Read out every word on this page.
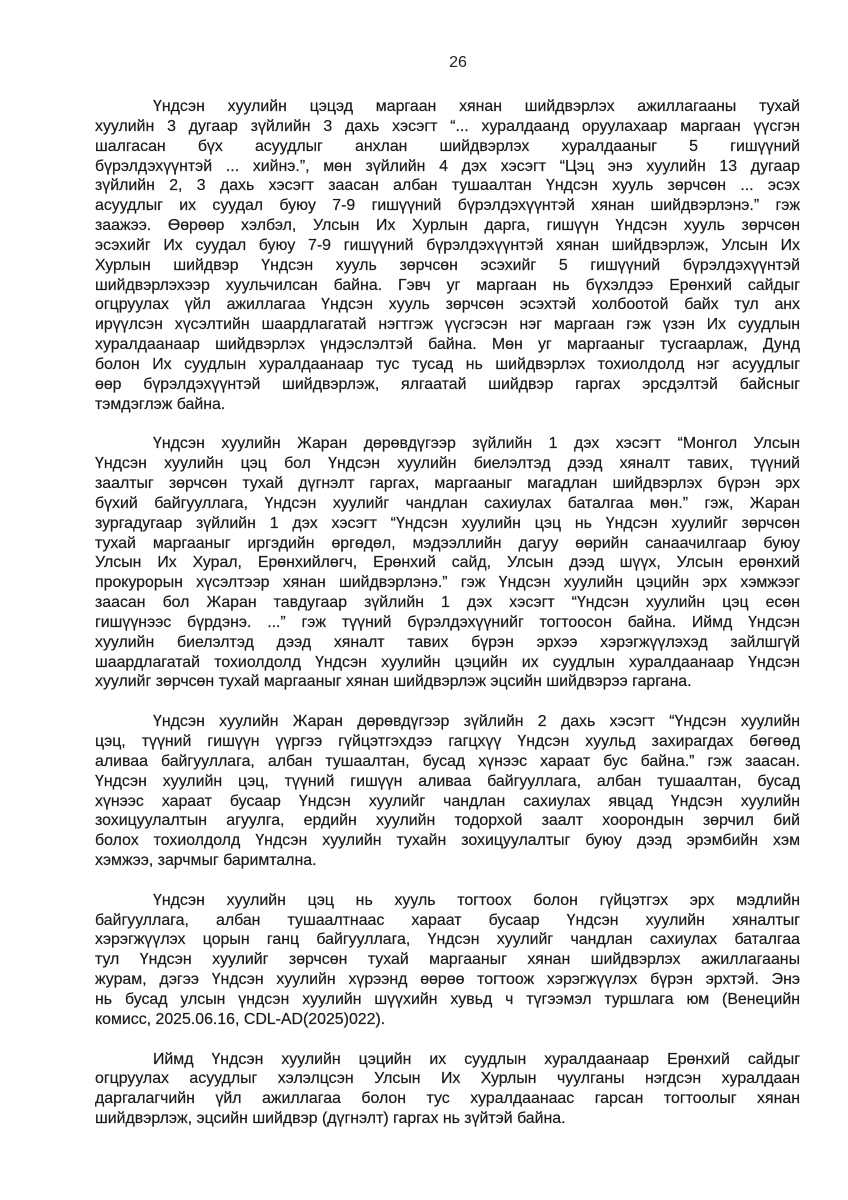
26
Үндсэн хуулийн цэцэд маргаан хянан шийдвэрлэх ажиллагааны тухай
хуулийн 3 дугаар зүйлийн 3 дахь хэсэгт “... хуралдаанд оруулахаар маргаан үүсгэн
шалгасан бүх асуудлыг анхлан шийдвэрлэх хуралдааныг 5 гишүүний
бүрэлдэхүүнтэй ... хийнэ.”, мөн зүйлийн 4 дэх хэсэгт “Цэц энэ хуулийн 13 дугаар
зүйлийн 2, 3 дахь хэсэгт заасан албан тушаалтан Үндсэн хууль зөрчсөн ... эсэх
асуудлыг их суудал буюу 7-9 гишүүний бүрэлдэхүүнтэй хянан шийдвэрлэнэ.” гэж
заажээ. Өөрөөр хэлбэл, Улсын Их Хурлын дарга, гишүүн Үндсэн хууль зөрчсөн
эсэхийг Их суудал буюу 7-9 гишүүний бүрэлдэхүүнтэй хянан шийдвэрлэж, Улсын Их
Хурлын шийдвэр Үндсэн хууль зөрчсөн эсэхийг 5 гишүүний бүрэлдэхүүнтэй
шийдвэрлэхээр хуульчилсан байна. Гэвч уг маргаан нь бүхэлдээ Ерөнхий сайдыг
огцруулах үйл ажиллагаа Үндсэн хууль зөрчсөн эсэхтэй холбоотой байх тул анх
ирүүлсэн хүсэлтийн шаардлагатай нэгтгэж үүсгэсэн нэг маргаан гэж үзэн Их суудлын
хуралдаанаар шийдвэрлэх үндэслэлтэй байна. Мөн уг маргааныг тусгаарлаж, Дунд
болон Их суудлын хуралдаанаар тус тусад нь шийдвэрлэх тохиолдолд нэг асуудлыг
өөр бүрэлдэхүүнтэй шийдвэрлэж, ялгаатай шийдвэр гаргах эрсдэлтэй байсныг
тэмдэглэж байна.
Үндсэн хуулийн Жаран дөрөвдүгээр зүйлийн 1 дэх хэсэгт “Монгол Улсын
Үндсэн хуулийн цэц бол Үндсэн хуулийн биелэлтэд дээд хяналт тавих, түүний
заалтыг зөрчсөн тухай дүгнэлт гаргах, маргааныг магадлан шийдвэрлэх бүрэн эрх
бүхий байгууллага, Үндсэн хуулийг чандлан сахиулах баталгаа мөн.” гэж, Жаран
зургадугаар зүйлийн 1 дэх хэсэгт “Үндсэн хуулийн цэц нь Үндсэн хуулийг зөрчсөн
тухай маргааныг иргэдийн өргөдөл, мэдээллийн дагуу өөрийн санаачилгаар буюу
Улсын Их Хурал, Ерөнхийлөгч, Ерөнхий сайд, Улсын дээд шүүх, Улсын ерөнхий
прокурорын хүсэлтээр хянан шийдвэрлэнэ.” гэж Үндсэн хуулийн цэцийн эрх хэмжээг
заасан бол Жаран тавдугаар зүйлийн 1 дэх хэсэгт “Үндсэн хуулийн цэц есөн
гишүүнээс бүрдэнэ. ...” гэж түүний бүрэлдэхүүнийг тогтоосон байна. Иймд Үндсэн
хуулийн биелэлтэд дээд хяналт тавих бүрэн эрхээ хэрэгжүүлэхэд зайлшгүй
шаардлагатай тохиолдолд Үндсэн хуулийн цэцийн их суудлын хуралдаанаар Үндсэн
хуулийг зөрчсөн тухай маргааныг хянан шийдвэрлэж эцсийн шийдвэрээ гаргана.
Үндсэн хуулийн Жаран дөрөвдүгээр зүйлийн 2 дахь хэсэгт “Үндсэн хуулийн
цэц, түүний гишүүн үүргээ гүйцэтгэхдээ гагцхүү Үндсэн хуульд захирагдах бөгөөд
аливаа байгууллага, албан тушаалтан, бусад хүнээс хараат бус байна.” гэж заасан.
Үндсэн хуулийн цэц, түүний гишүүн аливаа байгууллага, албан тушаалтан, бусад
хүнээс хараат бусаар Үндсэн хуулийг чандлан сахиулах явцад Үндсэн хуулийн
зохицуулалтын агуулга, ердийн хуулийн тодорхой заалт хоорондын зөрчил бий
болох тохиолдолд Үндсэн хуулийн тухайн зохицуулалтыг буюу дээд эрэмбийн хэм
хэмжээ, зарчмыг баримтална.
Үндсэн хуулийн цэц нь хууль тогтоох болон гүйцэтгэх эрх мэдлийн
байгууллага, албан тушаалтнаас хараат бусаар Үндсэн хуулийн хяналтыг
хэрэгжүүлэх цорын ганц байгууллага, Үндсэн хуулийг чандлан сахиулах баталгаа
тул Үндсэн хуулийг зөрчсөн тухай маргааныг хянан шийдвэрлэх ажиллагааны
журам, дэгээ Үндсэн хуулийн хүрээнд өөрөө тогтоож хэрэгжүүлэх бүрэн эрхтэй. Энэ
нь бусад улсын үндсэн хуулийн шүүхийн хувьд ч түгээмэл туршлага юм (Венецийн
комисс, 2025.06.16, CDL-AD(2025)022).
Иймд Үндсэн хуулийн цэцийн их суудлын хуралдаанаар Ерөнхий сайдыг
огцруулах асуудлыг хэлэлцсэн Улсын Их Хурлын чуулганы нэгдсэн хуралдаан
даргалагчийн үйл ажиллагаа болон тус хуралдаанаас гарсан тогтоолыг хянан
шийдвэрлэж, эцсийн шийдвэр (дүгнэлт) гаргах нь зүйтэй байна.
